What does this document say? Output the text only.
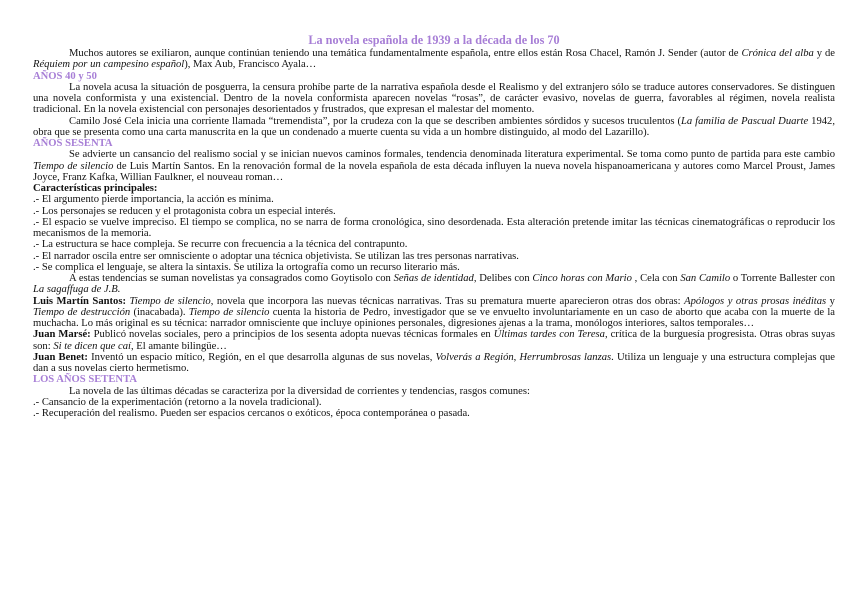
La novela española de 1939 a la década de los 70

Muchos autores se exiliaron, aunque continúan teniendo una temática fundamentalmente española, entre ellos están Rosa Chacel, Ramón J. Sender (autor de Crónica del alba y de Réquiem por un campesino español), Max Aub, Francisco Ayala…

AÑOS 40 y 50

La novela acusa la situación de posguerra, la censura prohíbe parte de la narrativa española desde el Realismo y del extranjero sólo se traduce autores conservadores. Se distinguen una novela conformista y una existencial. Dentro de la novela conformista aparecen novelas “rosas”, de carácter evasivo, novelas de guerra, favorables al régimen, novela realista tradicional. En la novela existencial con personajes desorientados y frustrados, que expresan el malestar del momento.

Camilo José Cela inicia una corriente llamada “tremendista”, por la crudeza con la que se describen ambientes sórdidos y sucesos truculentos (La familia de Pascual Duarte 1942, obra que se presenta como una carta manuscrita en la que un condenado a muerte cuenta su vida a un hombre distinguido, al modo del Lazarillo).

AÑOS SESENTA

Se advierte un cansancio del realismo social y se inician nuevos caminos formales, tendencia denominada literatura experimental. Se toma como punto de partida para este cambio Tiempo de silencio de Luis Martín Santos. En la renovación formal de la novela española de esta década influyen la nueva novela hispanoamericana y autores como Marcel Proust, James Joyce, Franz Kafka, Willian Faulkner, el nouveau roman…

Características principales:

.- El argumento pierde importancia, la acción es mínima.

.- Los personajes se reducen y el protagonista cobra un especial interés.

.- El espacio se vuelve impreciso. El tiempo se complica, no se narra de forma cronológica, sino desordenada. Esta alteración pretende imitar las técnicas cinematográficas o reproducir los mecanismos de la memoria.

.- La estructura se hace compleja. Se recurre con frecuencia a la técnica del contrapunto.

.- El narrador oscila entre ser omnisciente o adoptar una técnica objetivista. Se utilizan las tres personas narrativas.

.- Se complica el lenguaje, se altera la sintaxis. Se utiliza la ortografía como un recurso literario más.

A estas tendencias se suman novelistas ya consagrados como Goytisolo con Señas de identidad, Delibes con Cinco horas con Mario , Cela con San Camilo o Torrente Ballester con La sagaffuga de J.B.

Luis Martín Santos: Tiempo de silencio, novela que incorpora las nuevas técnicas narrativas. Tras su prematura muerte aparecieron otras dos obras: Apólogos y otras prosas inéditas y Tiempo de destrucción (inacabada). Tiempo de silencio cuenta la historia de Pedro, investigador que se ve envuelto involuntariamente en un caso de aborto que acaba con la muerte de la muchacha. Lo más original es su técnica: narrador omnisciente que incluye opiniones personales, digresiones ajenas a la trama, monólogos interiores, saltos temporales…

Juan Marsé: Publicó novelas sociales, pero a principios de los sesenta adopta nuevas técnicas formales en Últimas tardes con Teresa, crítica de la burguesía progresista. Otras obras suyas son: Si te dicen que caí, El amante bilingüe…

Juan Benet: Inventó un espacio mítico, Región, en el que desarrolla algunas de sus novelas, Volverás a Región, Herrumbrosas lanzas. Utiliza un lenguaje y una estructura complejas que dan a sus novelas cierto hermetismo.

LOS AÑOS SETENTA

La novela de las últimas décadas se caracteriza por la diversidad de corrientes y tendencias, rasgos comunes:

.- Cansancio de la experimentación (retorno a la novela tradicional).

.- Recuperación del realismo. Pueden ser espacios cercanos o exóticos, época contemporánea o pasada.
